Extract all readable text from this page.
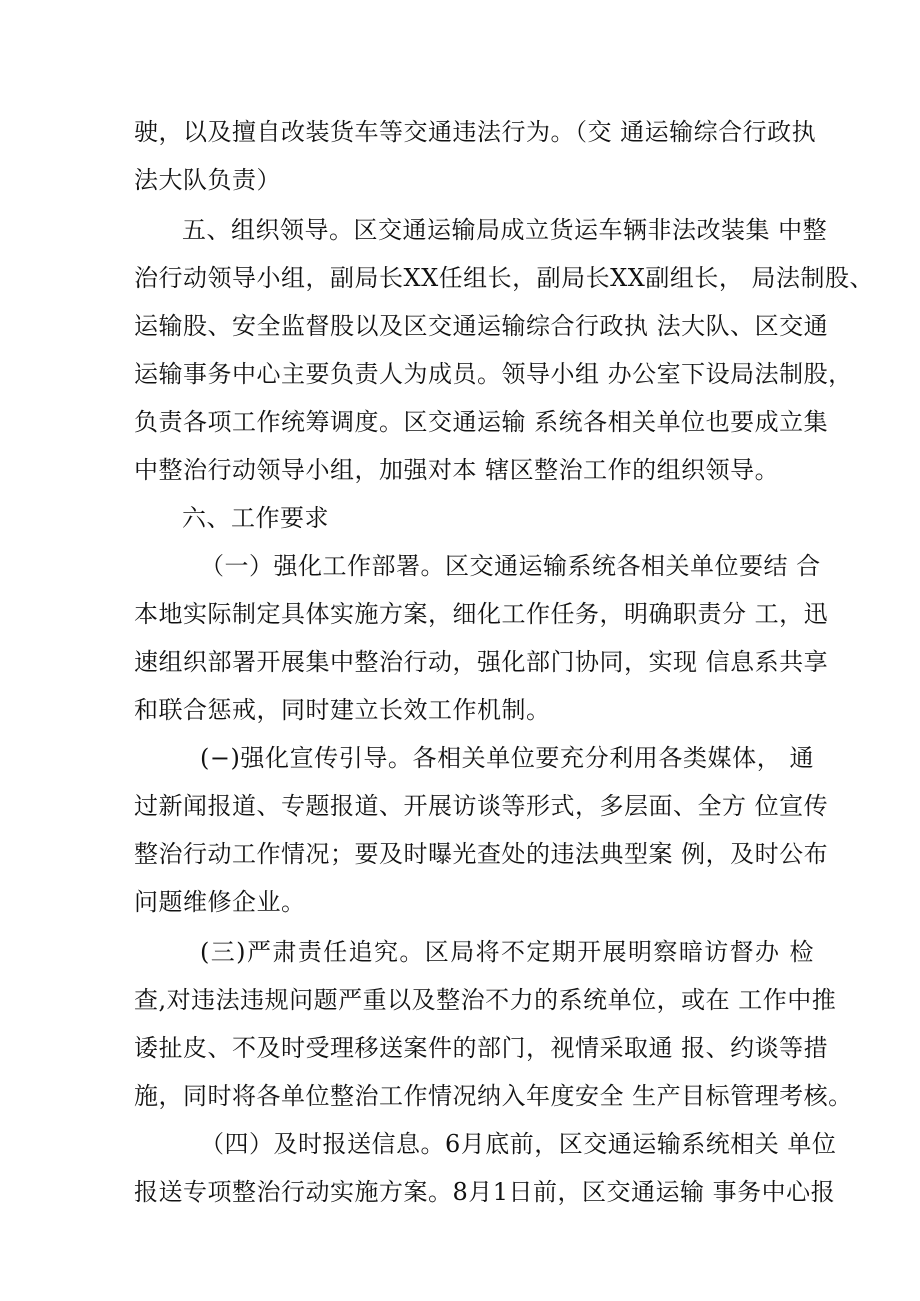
驶，以及擅自改装货车等交通违法行为。（交 通运输综合行政执
法大队负责）
五、组织领导。区交通运输局成立货运车辆非法改装集 中整
治行动领导小组，副局长XX任组长，副局长XX副组长， 局法制股、
运输股、安全监督股以及区交通运输综合行政执 法大队、区交通
运输事务中心主要负责人为成员。领导小组 办公室下设局法制股，
负责各项工作统筹调度。区交通运输 系统各相关单位也要成立集
中整治行动领导小组，加强对本 辖区整治工作的组织领导。
六、工作要求
（一）强化工作部署。区交通运输系统各相关单位要结 合
本地实际制定具体实施方案，细化工作任务，明确职责分 工，迅
速组织部署开展集中整治行动，强化部门协同，实现 信息系共享
和联合惩戒，同时建立长效工作机制。
(−)强化宣传引导。各相关单位要充分利用各类媒体， 通
过新闻报道、专题报道、开展访谈等形式，多层面、全方 位宣传
整治行动工作情况；要及时曝光查处的违法典型案 例，及时公布
问题维修企业。
(三)严肃责任追究。区局将不定期开展明察暗访督办 检
查,对违法违规问题严重以及整治不力的系统单位，或在 工作中推
诿扯皮、不及时受理移送案件的部门，视情采取通 报、约谈等措
施，同时将各单位整治工作情况纳入年度安全 生产目标管理考核。
（四）及时报送信息。6月底前，区交通运输系统相关 单位
报送专项整治行动实施方案。8月1日前，区交通运输 事务中心报
